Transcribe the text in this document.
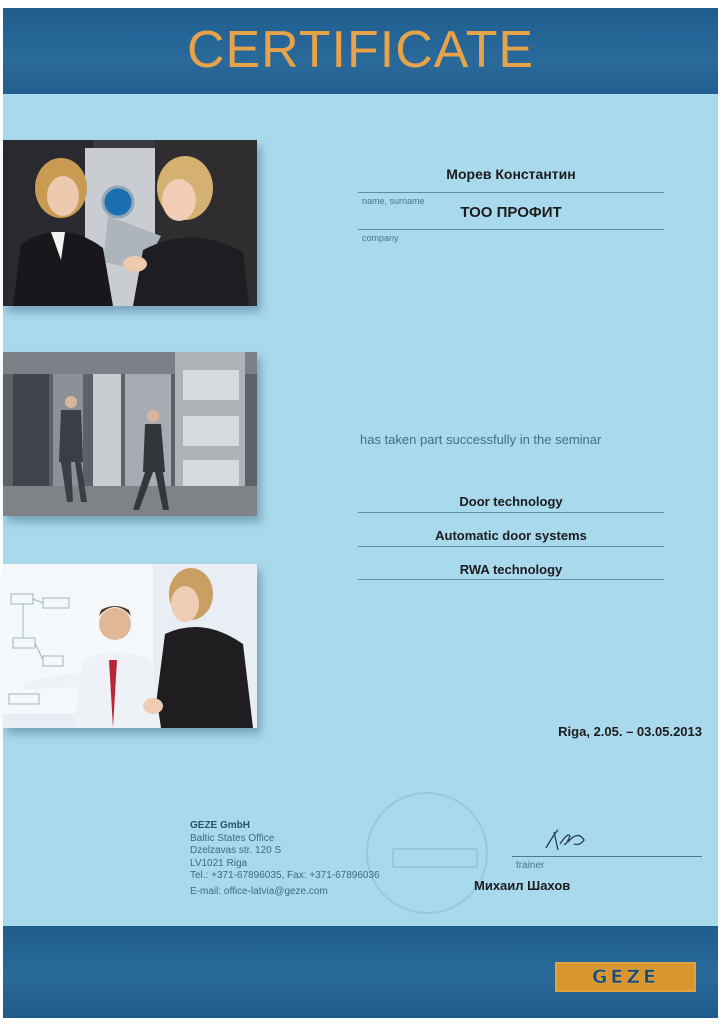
CERTIFICATE
Морев Константин
name, surname
ТОО ПРОФИТ
company
has taken part successfully in the seminar
Door technology
Automatic door systems
RWA technology
Riga, 2.05. – 03.05.2013
GEZE GmbH
Baltic States Office
Dzelzavas str. 120 S
LV1021 Riga
Tel.: +371-67896035, Fax: +371-67896036
E-mail: office-latvia@geze.com
trainer
Михаил Шахов
GEZE
